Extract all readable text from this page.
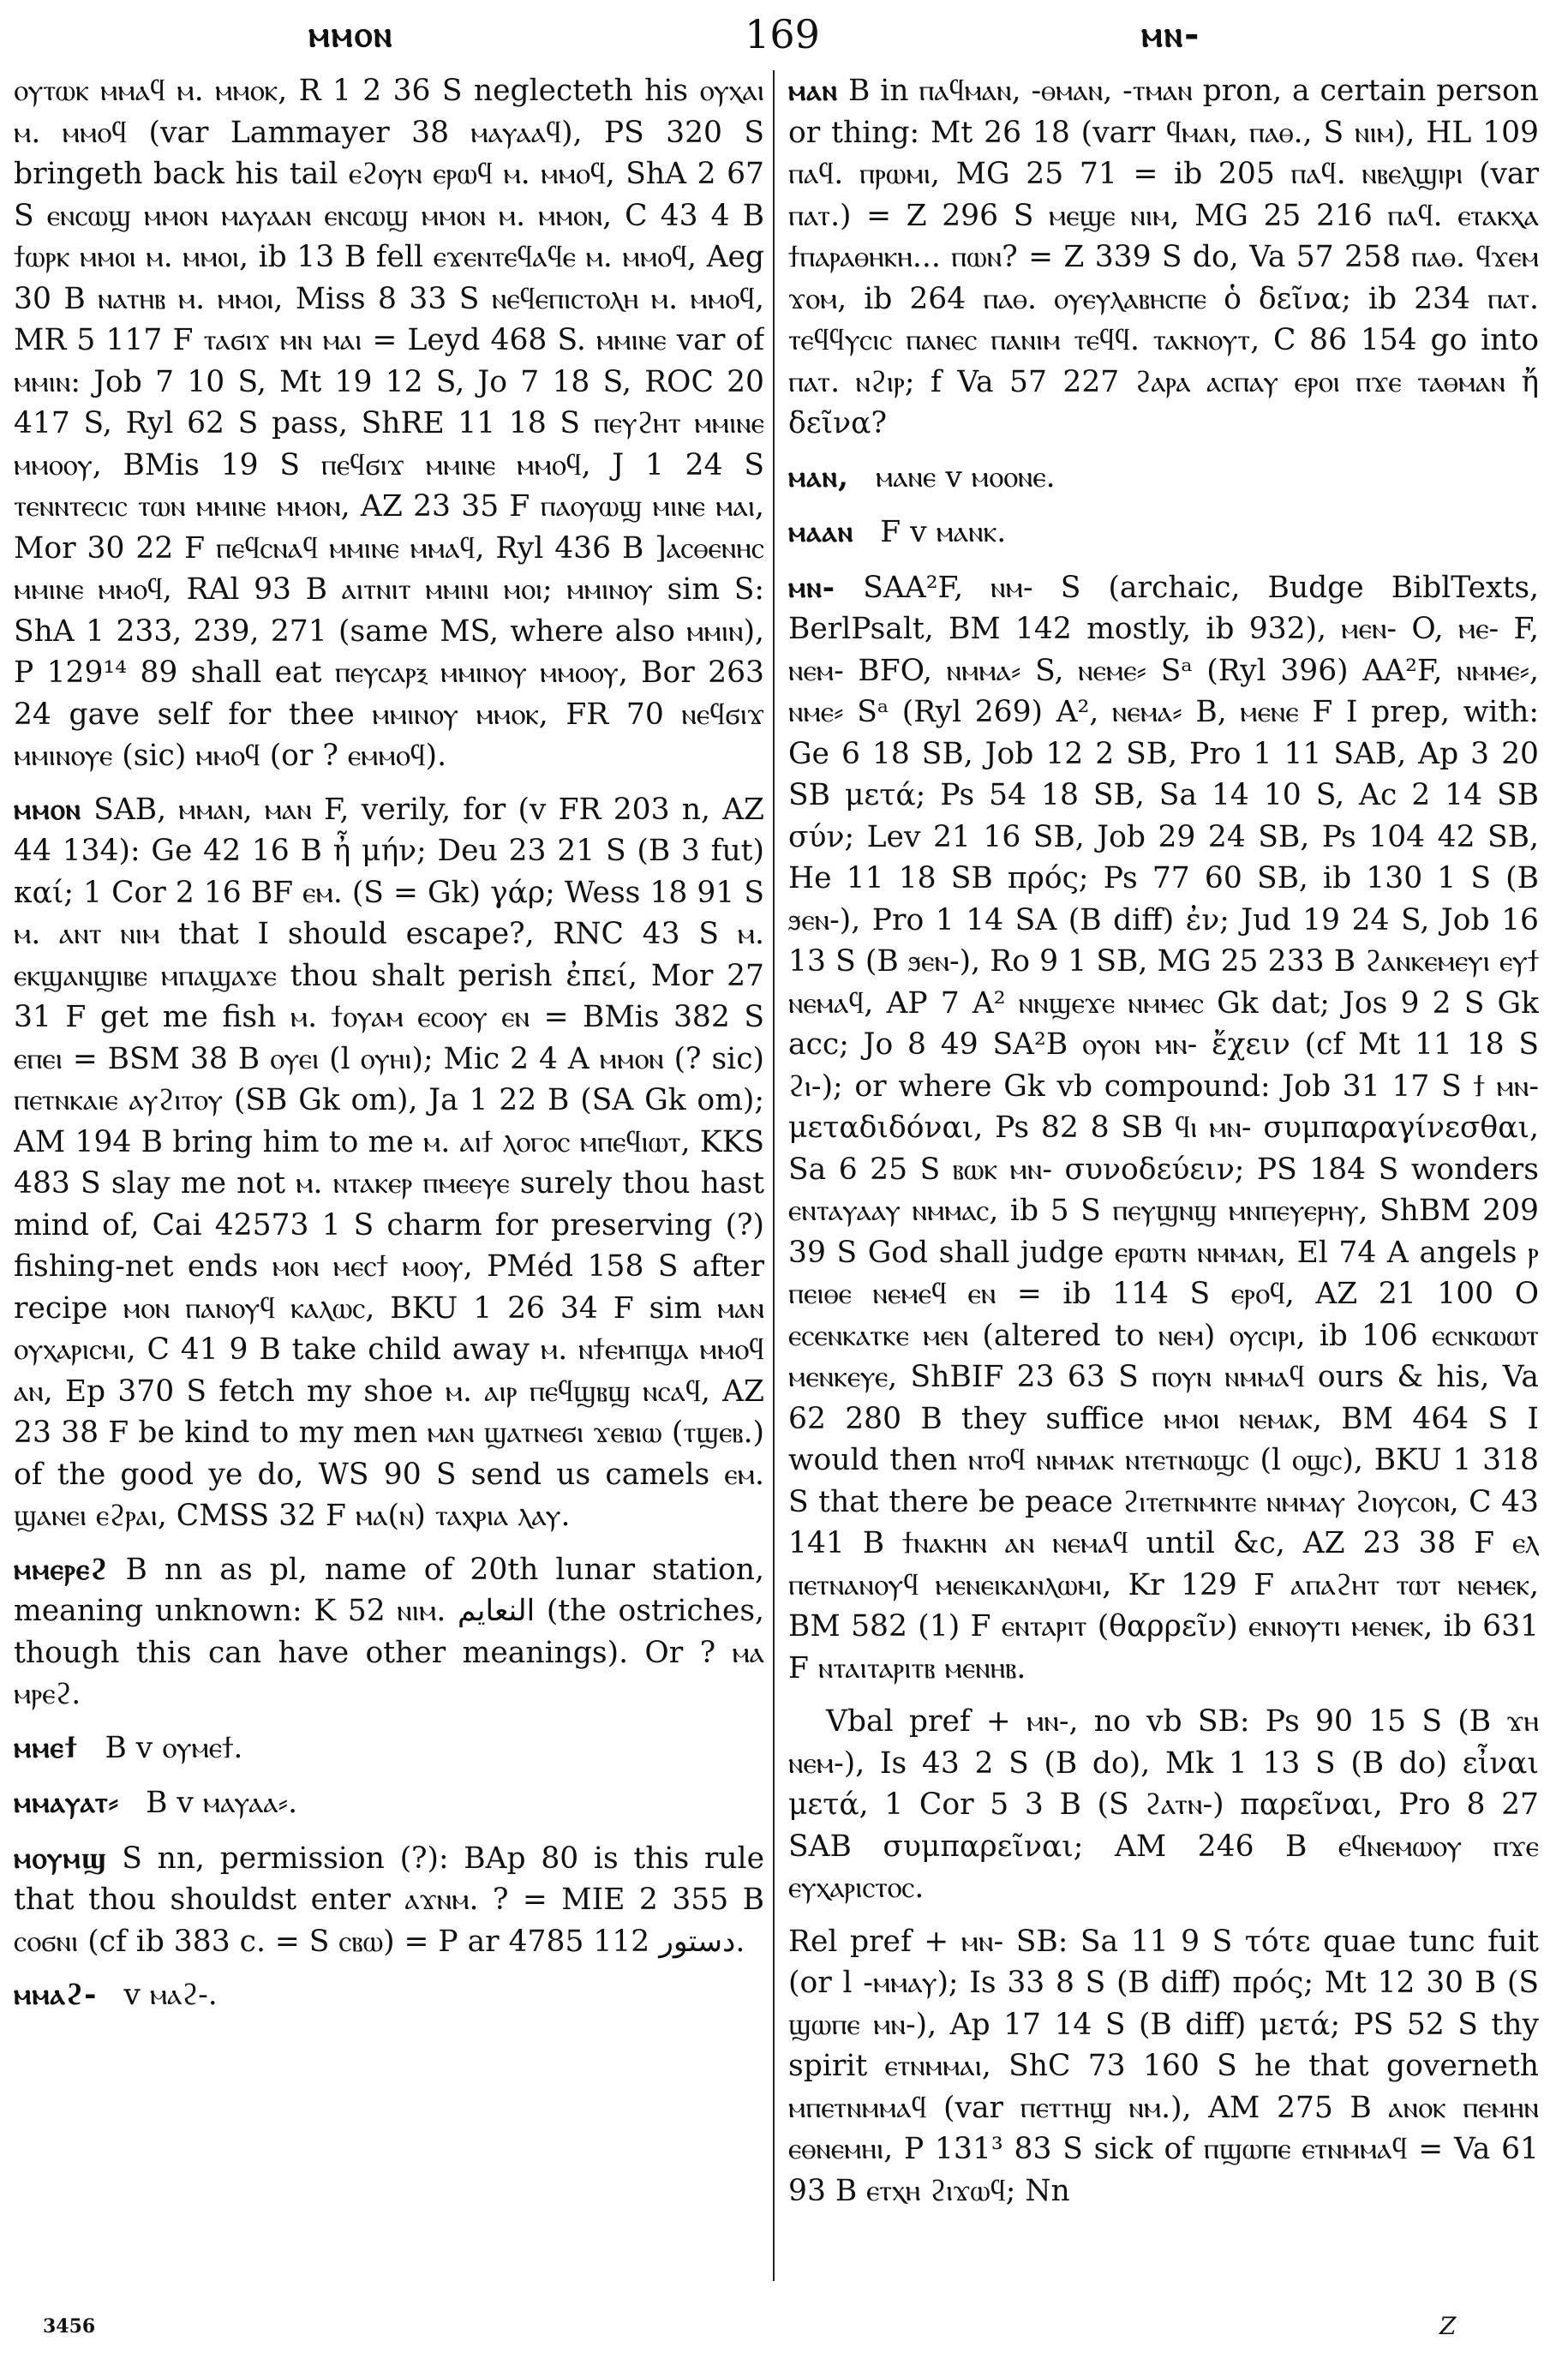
ⲙⲙⲟⲛ	169	ⲙⲛ-
ⲟⲩⲧⲱⲕ ⲙⲙⲁϥ ⲙ. ⲙⲙⲟⲕ, R 1 2 36 S neglecteth his ⲟⲩⲭⲁⲓ ⲙ. ⲙⲙⲟϥ (var Lammayer 38 ⲙⲁⲩⲁⲁϥ), PS 320 S bringeth back his tail ⲉϩⲟⲩⲛ ⲉⲣⲱϥ ⲙ. ⲙⲙⲟϥ, ShA 2 67 S ⲉⲛⲥⲱϣ ⲙⲙⲟⲛ ⲙⲁⲩⲁⲁⲛ ⲉⲛⲥⲱϣ ⲙⲙⲟⲛ ⲙ. ⲙⲙⲟⲛ, C 43 4 B ϯⲱⲣⲕ ⲙⲙⲟⲓ ⲙ. ⲙⲙⲟⲓ, ib 13 B fell ⲉϫⲉⲛⲧⲉϥⲁϥⲉ ⲙ. ⲙⲙⲟϥ, Aeg 30 B ⲛⲁⲧⲏⲃ ⲙ. ⲙⲙⲟⲓ, Miss 8 33 S ⲛⲉϥⲉⲡⲓⲥⲧⲟⲗⲏ ⲙ. ⲙⲙⲟϥ, MR 5 117 F ⲧⲁϭⲓϫ ⲙⲛ ⲙⲁⲓ = Leyd 468 S. ⲙⲙⲓⲛⲉ var of ⲙⲙⲓⲛ: Job 7 10 S, Mt 19 12 S, Jo 7 18 S, ROC 20 417 S, Ryl 62 S pass, ShRE 11 18 S ⲡⲉⲩϩⲏⲧ ⲙⲙⲓⲛⲉ ⲙⲙⲟⲟⲩ, BMis 19 S ⲡⲉϥϭⲓϫ ⲙⲙⲓⲛⲉ ⲙⲙⲟϥ, J 1 24 S ⲧⲉⲛⲛⲧⲉⲥⲓⲥ ⲧⲱⲛ ⲙⲙⲓⲛⲉ ⲙⲙⲟⲛ, AZ 23 35 F ⲡⲁⲟⲩⲱϣ ⲙⲓⲛⲉ ⲙⲁⲓ, Mor 30 22 F ⲡⲉϥⲥⲛⲁϥ ⲙⲙⲓⲛⲉ ⲙⲙⲁϥ, Ryl 436 B ]ⲁⲥⲑⲉⲛⲏⲥ ⲙⲙⲓⲛⲉ ⲙⲙⲟϥ, RAl 93 B ⲁⲓⲧⲛⲓⲧ ⲙⲙⲓⲛⲓ ⲙⲟⲓ; ⲙⲙⲓⲛⲟⲩ sim S: ShA 1 233, 239, 271 (same MS, where also ⲙⲙⲓⲛ), P 129¹⁴ 89 shall eat ⲡⲉⲩⲥⲁⲣⲝ ⲙⲙⲓⲛⲟⲩ ⲙⲙⲟⲟⲩ, Bor 263 24 gave self for thee ⲙⲙⲓⲛⲟⲩ ⲙⲙⲟⲕ, FR 70 ⲛⲉϥϭⲓϫ ⲙⲙⲓⲛⲟⲩⲉ (sic) ⲙⲙⲟϥ (or ? ⲉⲙⲙⲟϥ).
ⲙⲙⲟⲛ SAB, ⲙⲙⲁⲛ, ⲙⲁⲛ F, verily, for (v FR 203 n, AZ 44 134): Ge 42 16 B ἦ μήν; Deu 23 21 S (B 3 fut) καί; 1 Cor 2 16 BF ⲉⲙ. (S = Gk) γάρ; Wess 18 91 S ⲙ. ⲁⲛⲧ ⲛⲓⲙ that I should escape?, RNC 43 S ⲙ. ⲉⲕϣⲁⲛϣⲓⲃⲉ ⲙⲡⲁϣⲁϫⲉ thou shalt perish ἐπεί, Mor 27 31 F get me fish ⲙ. ϯⲟⲩⲁⲙ ⲉⲥⲟⲟⲩ ⲉⲛ = BMis 382 S ⲉⲡⲉⲓ = BSM 38 B ⲟⲩⲉⲓ (l ⲟⲩⲏⲓ); Mic 2 4 A ⲙⲙⲟⲛ (? sic) ⲡⲉⲧⲛⲕⲁⲓⲉ ⲁⲩϩⲓⲧⲟⲩ (SB Gk om), Ja 1 22 B (SA Gk om); AM 194 B bring him to me ⲙ. ⲁⲓϯ ⲗⲟⲅⲟⲥ ⲙⲡⲉϥⲓⲱⲧ, KKS 483 S slay me not ⲙ. ⲛⲧⲁⲕⲉⲣ ⲡⲙⲉⲉⲩⲉ surely thou hast mind of, Cai 42573 1 S charm for preserving (?) fishing-net ends ⲙⲟⲛ ⲙⲉⲥϯ ⲙⲟⲟⲩ, PMéd 158 S after recipe ⲙⲟⲛ ⲡⲁⲛⲟⲩϥ ⲕⲁⲗⲱⲥ, BKU 1 26 34 F sim ⲙⲁⲛ ⲟⲩⲭⲁⲣⲓⲥⲙⲓ, C 41 9 B take child away ⲙ. ⲛϯⲉⲙⲡϣⲁ ⲙⲙⲟϥ ⲁⲛ, Ep 370 S fetch my shoe ⲙ. ⲁⲓⲣ ⲡⲉϥϣⲃϣ ⲛⲥⲁϥ, AZ 23 38 F be kind to my men ⲙⲁⲛ ϣⲁⲧⲛⲉϭⲓ ϫⲉⲃⲓⲱ (ⲧϣⲉⲃ.) of the good ye do, WS 90 S send us camels ⲉⲙ. ϣⲁⲛⲉⲓ ⲉϩⲣⲁⲓ, CMSS 32 F ⲙⲁ(ⲛ) ⲧⲁⲭⲣⲓⲁ ⲗⲁⲩ.
ⲙⲙⲉⲣⲉϩ B nn as pl, name of 20th lunar station, meaning unknown: K 52 ⲛⲓⲙ. النعايم (the ostriches, though this can have other meanings). Or ? ⲙⲁ ⲙⲣⲉϩ.
ⲙⲙⲉϯ B v ⲟⲩⲙⲉϯ.
ⲙⲙⲁⲩⲁⲧ⸗ B v ⲙⲁⲩⲁⲁ⸗.
ⲙⲟⲩⲙϣ S nn, permission (?): BAp 80 is this rule that thou shouldst enter ⲁϫⲛⲙ. ? = MIE 2 355 B ⲥⲟϭⲛⲓ (cf ib 383 c. = S ⲥⲃⲱ) = P ar 4785 112 دستور.
ⲙⲙⲁϩ- v ⲙⲁϩ-.
ⲙⲁⲛ B in ⲡⲁϥⲙⲁⲛ, -ⲑⲙⲁⲛ, -ⲧⲙⲁⲛ pron, a certain person or thing: Mt 26 18 (varr ϥⲙⲁⲛ, ⲡⲁⲑ., S ⲛⲓⲙ), HL 109 ⲡⲁϥ. ⲡⲣⲱⲙⲓ, MG 25 71 = ib 205 ⲡⲁϥ. ⲛⲃⲉⲗϣⲓⲣⲓ (var ⲡⲁⲧ.) = Z 296 S ⲙⲉϣⲉ ⲛⲓⲙ, MG 25 216 ⲡⲁϥ. ⲉⲧⲁⲕⲭⲁ ϯⲡⲁⲣⲁⲑⲏⲕⲏ... ⲡⲱⲛ? = Z 339 S do, Va 57 258 ⲡⲁⲑ. ϥϫⲉⲙ ϫⲟⲙ, ib 264 ⲡⲁⲑ. ⲟⲩⲉⲩⲗⲁⲃⲏⲥⲡⲉ ὁ δεῖνα; ib 234 ⲡⲁⲧ. ⲧⲉϥϥⲩⲥⲓⲥ ⲡⲁⲛⲉⲥ ⲡⲁⲛⲓⲙ ⲧⲉϥϥ. ⲧⲁⲕⲛⲟⲩⲧ, C 86 154 go into ⲡⲁⲧ. ⲛϩⲓⲣ; f Va 57 227 ϩⲁⲣⲁ ⲁⲥⲡⲁⲩ ⲉⲣⲟⲓ ⲡϫⲉ ⲧⲁⲑⲙⲁⲛ ἤ δεῖνα?
ⲙⲁⲛ, ⲙⲁⲛⲉ v ⲙⲟⲟⲛⲉ.
ⲙⲁⲁⲛ F v ⲙⲁⲛⲕ.
ⲙⲛ- SAA²F, ⲛⲙ- S (archaic, Budge BiblTexts, BerlPsalt, BM 142 mostly, ib 932), ⲙⲉⲛ- O, ⲙⲉ- F, ⲛⲉⲙ- BFO, ⲛⲙⲙⲁ⸗ S, ⲛⲉⲙⲉ⸗ Sᵃ (Ryl 396) AA²F, ⲛⲙⲙⲉ⸗, ⲛⲙⲉ⸗ Sᵃ (Ryl 269) A², ⲛⲉⲙⲁ⸗ B, ⲙⲉⲛⲉ F I prep, with: Ge 6 18 SB, Job 12 2 SB, Pro 1 11 SAB, Ap 3 20 SB μετά; Ps 54 18 SB, Sa 14 10 S, Ac 2 14 SB σύν; Lev 21 16 SB, Job 29 24 SB, Ps 104 42 SB, He 11 18 SB πρός; Ps 77 60 SB, ib 130 1 S (B ϧⲉⲛ-), Pro 1 14 SA (B diff) ἐν; Jud 19 24 S, Job 16 13 S (B ϧⲉⲛ-), Ro 9 1 SB, MG 25 233 B ϩⲁⲛⲕⲉⲙⲉⲩⲓ ⲉⲩϯ ⲛⲉⲙⲁϥ, AP 7 A² ⲛⲛϣⲉϫⲉ ⲛⲙⲙⲉⲥ Gk dat; Jos 9 2 S Gk acc; Jo 8 49 SA²B ⲟⲩⲟⲛ ⲙⲛ- ἔχειν (cf Mt 11 18 S ϩⲓ-); or where Gk vb compound: Job 31 17 S ϯ ⲙⲛ- μεταδιδόναι, Ps 82 8 SB ϥⲓ ⲙⲛ- συμπαραγίνεσθαι, Sa 6 25 S ⲃⲱⲕ ⲙⲛ- συνοδεύειν; PS 184 S wonders ⲉⲛⲧⲁⲩⲁⲁⲩ ⲛⲙⲙⲁⲥ, ib 5 S ⲡⲉⲩϣⲛϣ ⲙⲛⲡⲉⲩⲉⲣⲏⲩ, ShBM 209 39 S God shall judge ⲉⲣⲱⲧⲛ ⲛⲙⲙⲁⲛ, El 74 A angels ⲣ ⲡⲉⲓⲑⲉ ⲛⲉⲙⲉϥ ⲉⲛ = ib 114 S ⲉⲣⲟϥ, AZ 21 100 O ⲉⲥⲉⲛⲕⲁⲧⲕⲉ ⲙⲉⲛ (altered to ⲛⲉⲙ) ⲟⲩⲥⲓⲣⲓ, ib 106 ⲉⲥⲛⲕⲱⲱⲧ ⲙⲉⲛⲕⲉⲩⲉ, ShBIF 23 63 S ⲡⲟⲩⲛ ⲛⲙⲙⲁϥ ours & his, Va 62 280 B they suffice ⲙⲙⲟⲓ ⲛⲉⲙⲁⲕ, BM 464 S I would then ⲛⲧⲟϥ ⲛⲙⲙⲁⲕ ⲛⲧⲉⲧⲛⲱϣⲥ (l ⲟϣⲥ), BKU 1 318 S that there be peace ϩⲓⲧⲉⲧⲛⲙⲛⲧⲉ ⲛⲙⲙⲁⲩ ϩⲓⲟⲩⲥⲟⲛ, C 43 141 B ϯⲛⲁⲕⲏⲛ ⲁⲛ ⲛⲉⲙⲁϥ until &c, AZ 23 38 F ⲉⲗ ⲡⲉⲧⲛⲁⲛⲟⲩϥ ⲙⲉⲛⲉⲓⲕⲁⲛⲗⲱⲙⲓ, Kr 129 F ⲁⲡⲁϩⲏⲧ ⲧⲱⲧ ⲛⲉⲙⲉⲕ, BM 582 (1) F ⲉⲛⲧⲁⲣⲓⲧ (θαρρεῖν) ⲉⲛⲛⲟⲩⲧⲓ ⲙⲉⲛⲉⲕ, ib 631 F ⲛⲧⲁⲓⲧⲁⲣⲓⲧⲃ ⲙⲉⲛⲏⲃ.
Vbal pref + ⲙⲛ-, no vb SB: Ps 90 15 S (B ϫⲏ ⲛⲉⲙ-), Is 43 2 S (B do), Mk 1 13 S (B do) εἶναι μετά, 1 Cor 5 3 B (S ϩⲁⲧⲛ-) παρεῖναι, Pro 8 27 SAB συμπαρεῖναι; AM 246 B ⲉϥⲛⲉⲙⲱⲟⲩ ⲡϫⲉ ⲉⲩⲭⲁⲣⲓⲥⲧⲟⲥ.
Rel pref + ⲙⲛ- SB: Sa 11 9 S τότε quae tunc fuit (or l -ⲙⲙⲁⲩ); Is 33 8 S (B diff) πρός; Mt 12 30 B (S ϣⲱⲡⲉ ⲙⲛ-), Ap 17 14 S (B diff) μετά; PS 52 S thy spirit ⲉⲧⲛⲙⲙⲁⲓ, ShC 73 160 S he that governeth ⲙⲡⲉⲧⲛⲙⲙⲁϥ (var ⲡⲉⲧⲧⲏϣ ⲛⲙ.), AM 275 B ⲁⲛⲟⲕ ⲡⲉⲙⲏⲛ ⲉⲑⲛⲉⲙⲏⲓ, P 131³ 83 S sick of ⲡϣⲱⲡⲉ ⲉⲧⲛⲙⲙⲁϥ = Va 61 93 B ⲉⲧⲭⲏ ϩⲓϫⲱϥ; Nn
3456	Z
